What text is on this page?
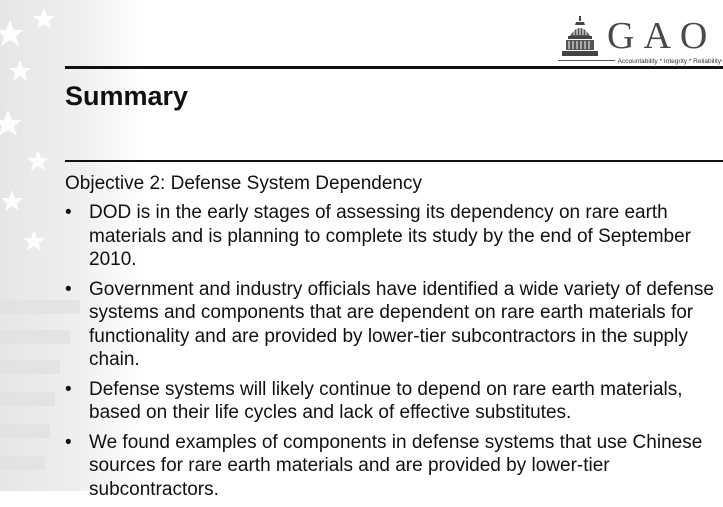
GAO
Accountability * Integrity * Reliability
Summary
Objective 2: Defense System Dependency
• DOD is in the early stages of assessing its dependency on rare earth materials and is planning to complete its study by the end of September 2010.
• Government and industry officials have identified a wide variety of defense systems and components that are dependent on rare earth materials for functionality and are provided by lower-tier subcontractors in the supply chain.
• Defense systems will likely continue to depend on rare earth materials, based on their life cycles and lack of effective substitutes.
• We found examples of components in defense systems that use Chinese sources for rare earth materials and are provided by lower-tier subcontractors.
